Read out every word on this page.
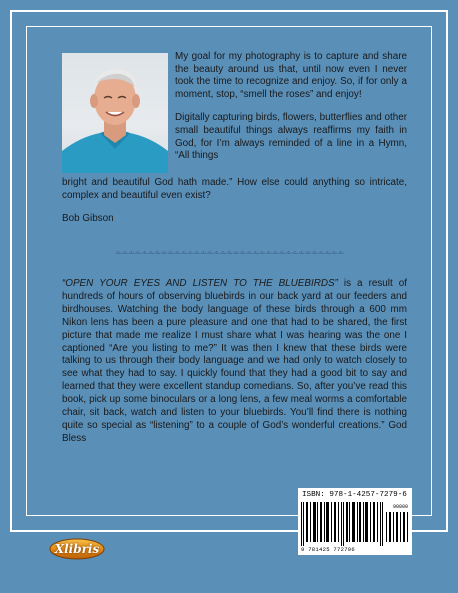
My goal for my photography is to capture and share the beauty around us that, until now even I never took the time to recognize and enjoy. So, if for only a moment, stop, “smell the roses” and enjoy!

Digitally capturing birds, flowers, butterflies and other small beautiful things always reaffirms my faith in God, for I’m always reminded of a line in a Hymn, “All things

bright and beautiful God hath made.” How else could anything so intricate, complex and beautiful even exist?
Bob Gibson
⩪⩪⩪⩪⩪⩪⩪⩪⩪⩪⩪⩪⩪⩪⩪⩪⩪⩪⩪⩪⩪⩪⩪⩪⩪⩪⩪⩪⩪⩪⩪⩪⩪⩪⩪
“OPEN YOUR EYES AND LISTEN TO THE BLUEBIRDS” is a result of hundreds of hours of observing bluebirds in our back yard at our feeders and birdhouses. Watching the body language of these birds through a 600 mm Nikon lens has been a pure pleasure and one that had to be shared, the first picture that made me realize I must share what I was hearing was the one I captioned “Are you listing to me?” It was then I knew that these birds were talking to us through their body language and we had only to watch closely to see what they had to say. I quickly found that they had a good bit to say and learned that they were excellent standup comedians. So, after you’ve read this book, pick up some binoculars or a long lens, a few meal worms a comfortable chair, sit back, watch and listen to your bluebirds. You’ll find there is nothing quite so special as “listening” to a couple of God’s wonderful creations.” God Bless
ISBN: 978-1-4257-7279-6
90000
9 781425 772796
Xlibris
